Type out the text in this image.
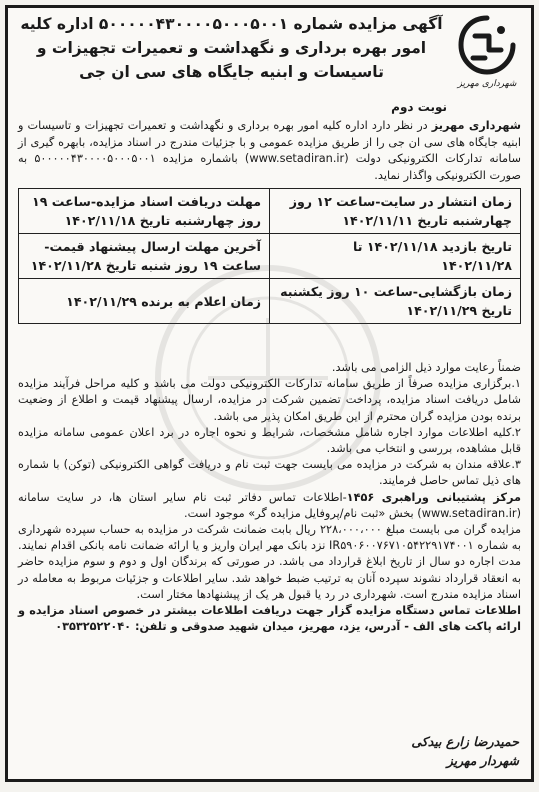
شهرداری مهریز
آگهی مزایده شماره ۵۰۰۰۰۰۴۳۰۰۰۰۵۰۰۰۵۰۰۱ اداره کلیه امور بهره برداری و نگهداشت و تعمیرات تجهیزات و تاسیسات و ابنیه جایگاه های سی ان جی
نوبت دوم
شهرداری مهریز در نظر دارد اداره کلیه امور بهره برداری و نگهداشت و تعمیرات تجهیزات و تاسیسات و ابنیه جایگاه های سی ان جی را از طریق مزایده عمومی و با جزئیات مندرج در اسناد مزایده، بابهره گیری از سامانه تدارکات الکترونیکی دولت (www.setadiran.ir) باشماره مزایده ۵۰۰۰۰۰۴۳۰۰۰۰۵۰۰۰۵۰۰۱ به صورت الکترونیکی واگذار نماید.
زمان انتشار در سایت-ساعت ۱۲ روز چهارشنبه تاریخ ۱۴۰۲/۱۱/۱۱	مهلت دریافت اسناد مزایده-ساعت ۱۹ روز چهارشنبه تاریخ ۱۴۰۲/۱۱/۱۸
تاریخ بازدید ۱۴۰۲/۱۱/۱۸ تا ۱۴۰۲/۱۱/۲۸	آخرین مهلت ارسال پیشنهاد قیمت-ساعت ۱۹ روز شنبه تاریخ ۱۴۰۲/۱۱/۲۸
زمان بازگشایی-ساعت ۱۰ روز یکشنبه تاریخ ۱۴۰۲/۱۱/۲۹	زمان اعلام به برنده ۱۴۰۲/۱۱/۲۹

ضمناً رعایت موارد ذیل الزامی می باشد.

۱.برگزاری مزایده صرفاً از طریق سامانه تدارکات الکترونیکی دولت می باشد و کلیه مراحل فرآیند مزایده شامل دریافت اسناد مزایده، پرداخت تضمین شرکت در مزایده، ارسال پیشنهاد قیمت و اطلاع از وضعیت برنده بودن مزایده گران محترم از این طریق امکان پذیر می باشد.

۲.کلیه اطلاعات موارد اجاره شامل مشخصات، شرایط و نحوه اجاره در برد اعلان عمومی سامانه مزایده قابل مشاهده، بررسی و انتخاب می باشد.

۳.علاقه مندان به شرکت در مزایده می بایست جهت ثبت نام و دریافت گواهی الکترونیکی (توکن) با شماره های ذیل تماس حاصل فرمایند.

مرکز پشتیبانی وراهبری ۱۴۵۶-اطلاعات تماس دفاتر ثبت نام سایر استان ها، در سایت سامانه (www.setadiran.ir) بخش «ثبت نام/پروفایل مزایده گر» موجود است.

مزایده گران می بایست مبلغ ۲۲۸،۰۰۰،۰۰۰ ریال بابت ضمانت شرکت در مزایده به حساب سپرده شهرداری به شماره IR۵۹۰۶۰۰۷۶۷۱۰۵۴۲۲۹۱۷۴۰۰۱ نزد بانک مهر ایران واریز و یا ارائه ضمانت نامه بانکی اقدام نمایند. مدت اجاره دو سال از تاریخ ابلاغ قرارداد می باشد. در صورتی که برندگان اول و دوم و سوم مزایده حاضر به انعقاد قرارداد نشوند سپرده آنان به ترتیب ضبط خواهد شد. سایر اطلاعات و جزئیات مربوط به معامله در اسناد مزایده مندرج است. شهرداری در رد یا قبول هر یک از پیشنهادها مختار است.

اطلاعات تماس دستگاه مزایده گزار جهت دریافت اطلاعات بیشتر در خصوص اسناد مزایده و ارائه پاکت های الف - آدرس، یزد، مهریز، میدان شهید صدوقی و تلفن: ۰۳۵۳۲۵۲۲۰۴۰

حمیدرضا زارع بیدکی
شهردار مهریز
